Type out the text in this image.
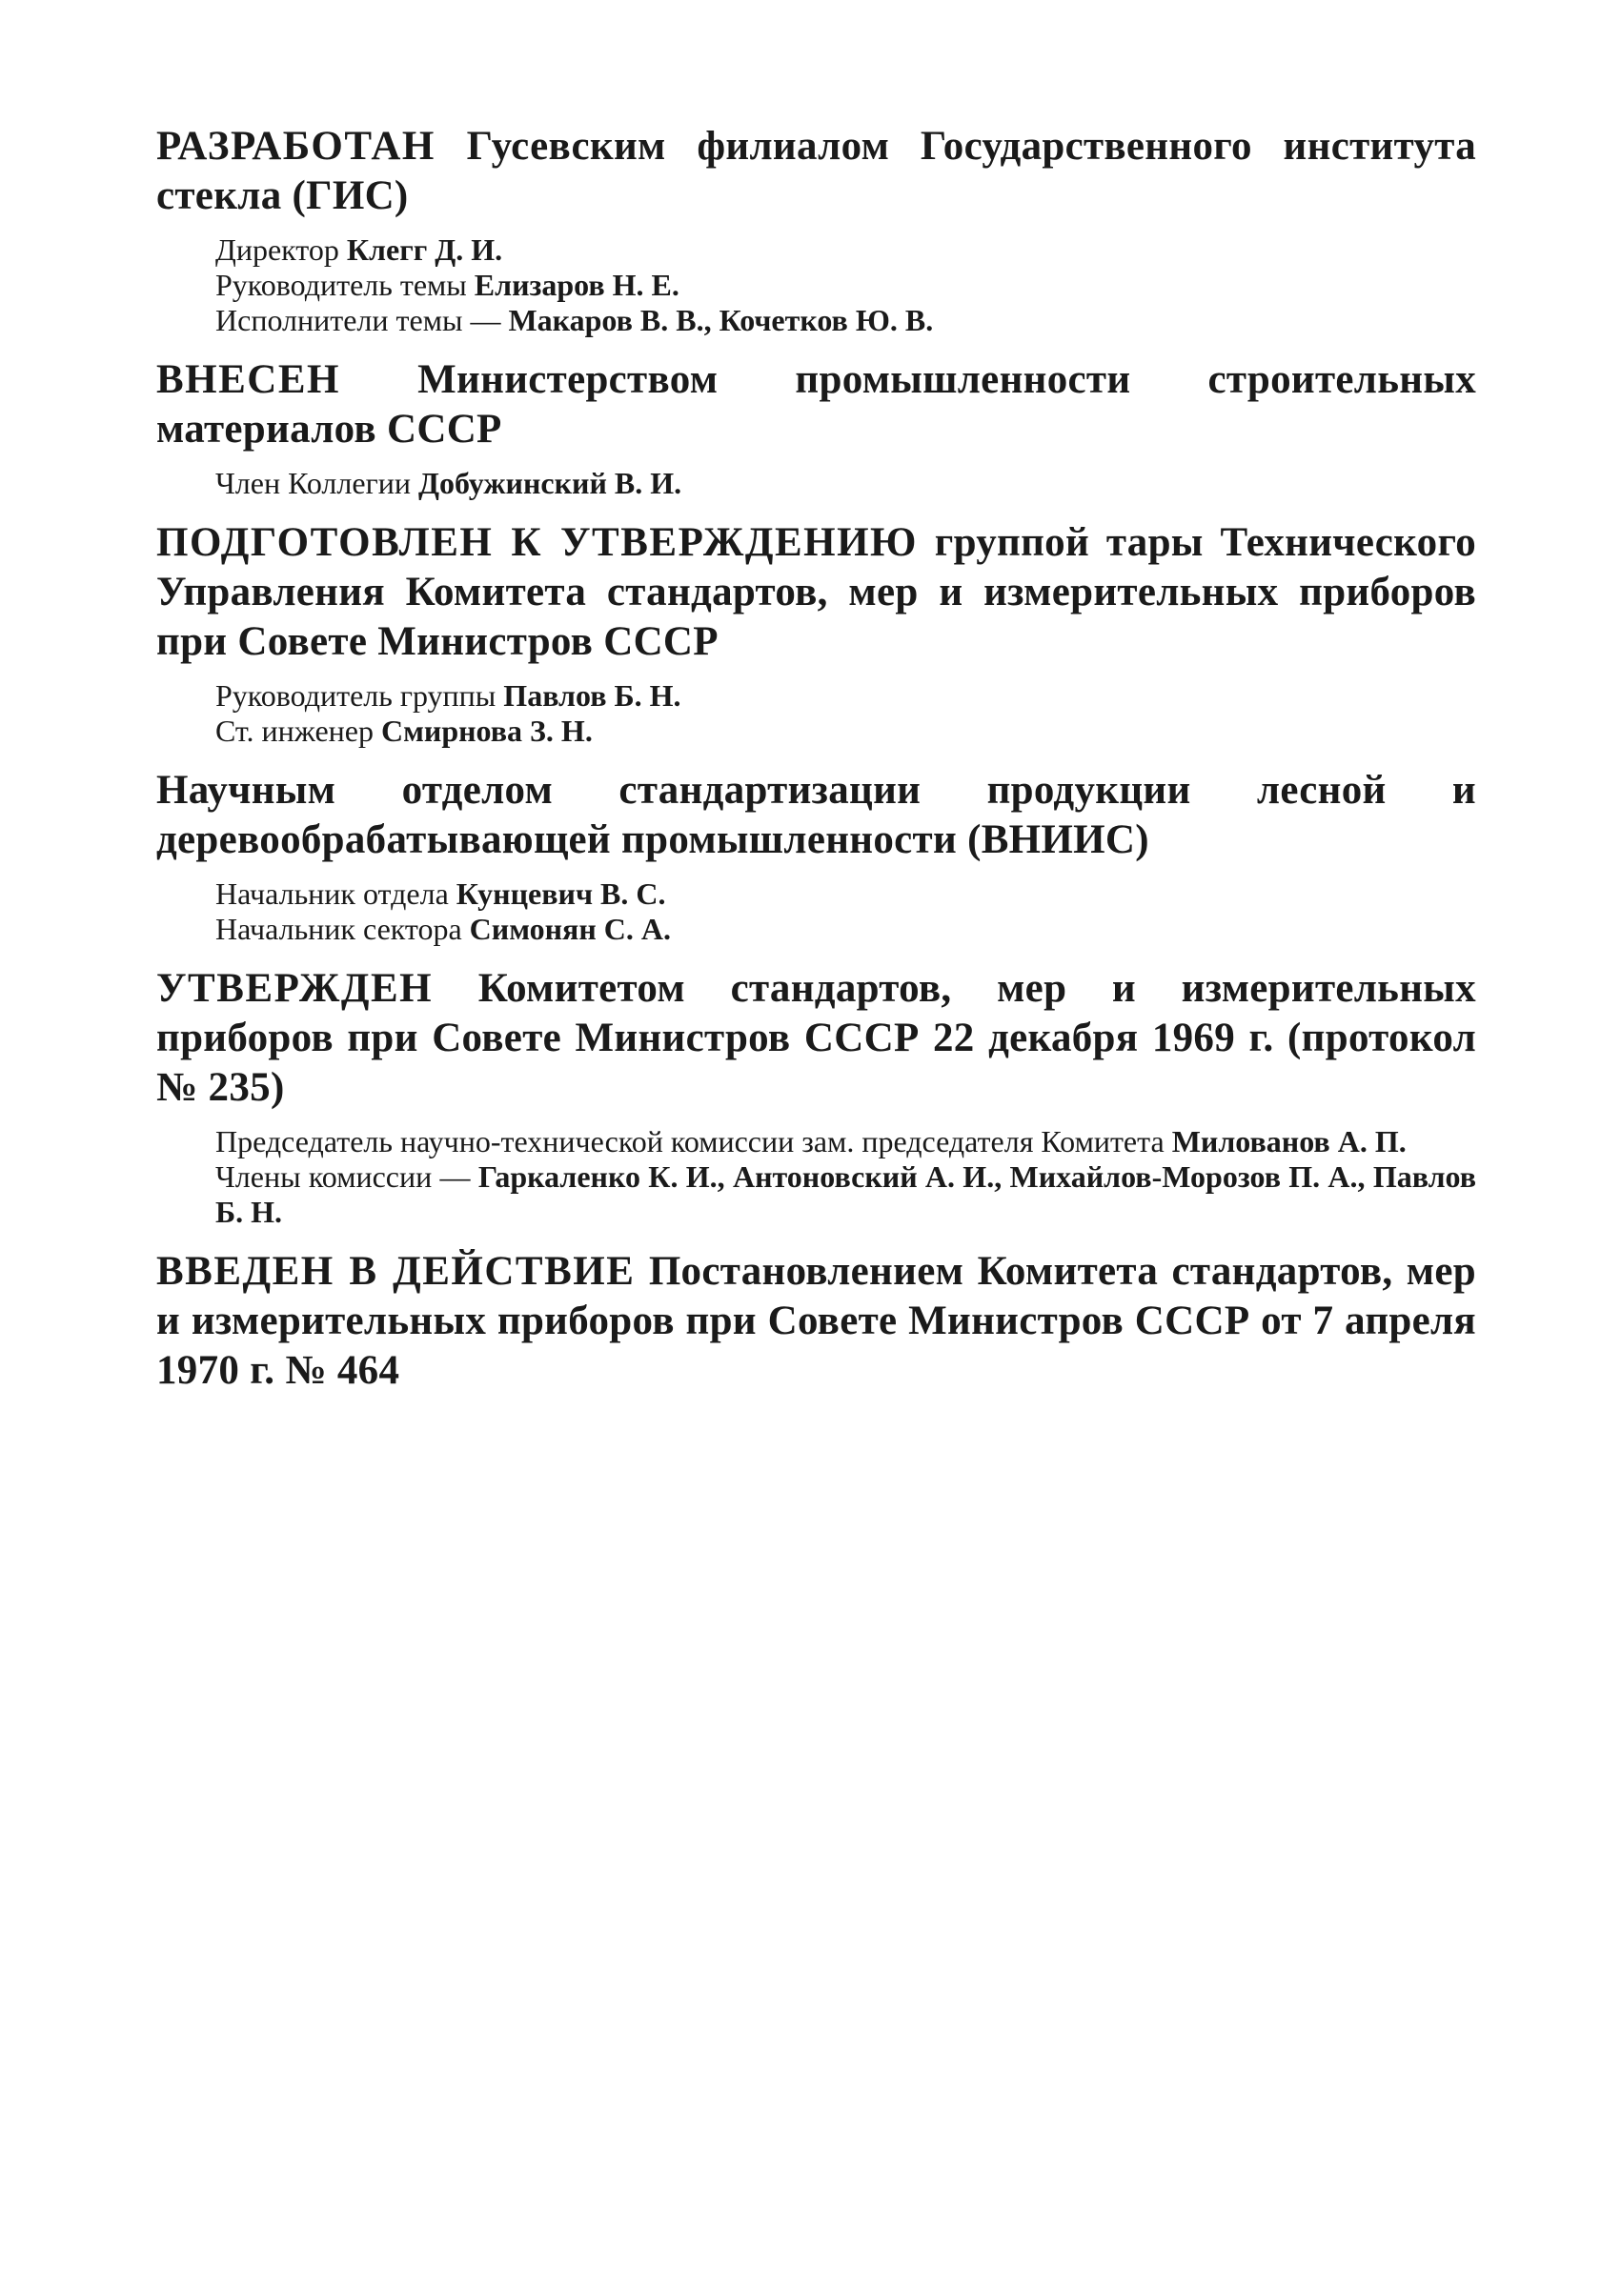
РАЗРАБОТАН Гусевским филиалом Государственного института стекла (ГИС)

Директор Клегг Д. И.

Руководитель темы Елизаров Н. Е.

Исполнители темы — Макаров В. В., Кочетков Ю. В.

ВНЕСЕН Министерством промышленности строительных материалов СССР

Член Коллегии Добужинский В. И.

ПОДГОТОВЛЕН К УТВЕРЖДЕНИЮ группой тары Технического Управления Комитета стандартов, мер и измерительных приборов при Совете Министров СССР

Руководитель группы Павлов Б. Н.

Ст. инженер Смирнова З. Н.

Научным отделом стандартизации продукции лесной и деревообрабатывающей промышленности (ВНИИС)

Начальник отдела Кунцевич В. С.

Начальник сектора Симонян С. А.

УТВЕРЖДЕН Комитетом стандартов, мер и измерительных приборов при Совете Министров СССР 22 декабря 1969 г. (протокол № 235)

Председатель научно-технической комиссии зам. председателя Комитета Милованов А. П.

Члены комиссии — Гаркаленко К. И., Антоновский А. И., Михайлов-Морозов П. А., Павлов Б. Н.

ВВЕДЕН В ДЕЙСТВИЕ Постановлением Комитета стандартов, мер и измерительных приборов при Совете Министров СССР от 7 апреля 1970 г. № 464
